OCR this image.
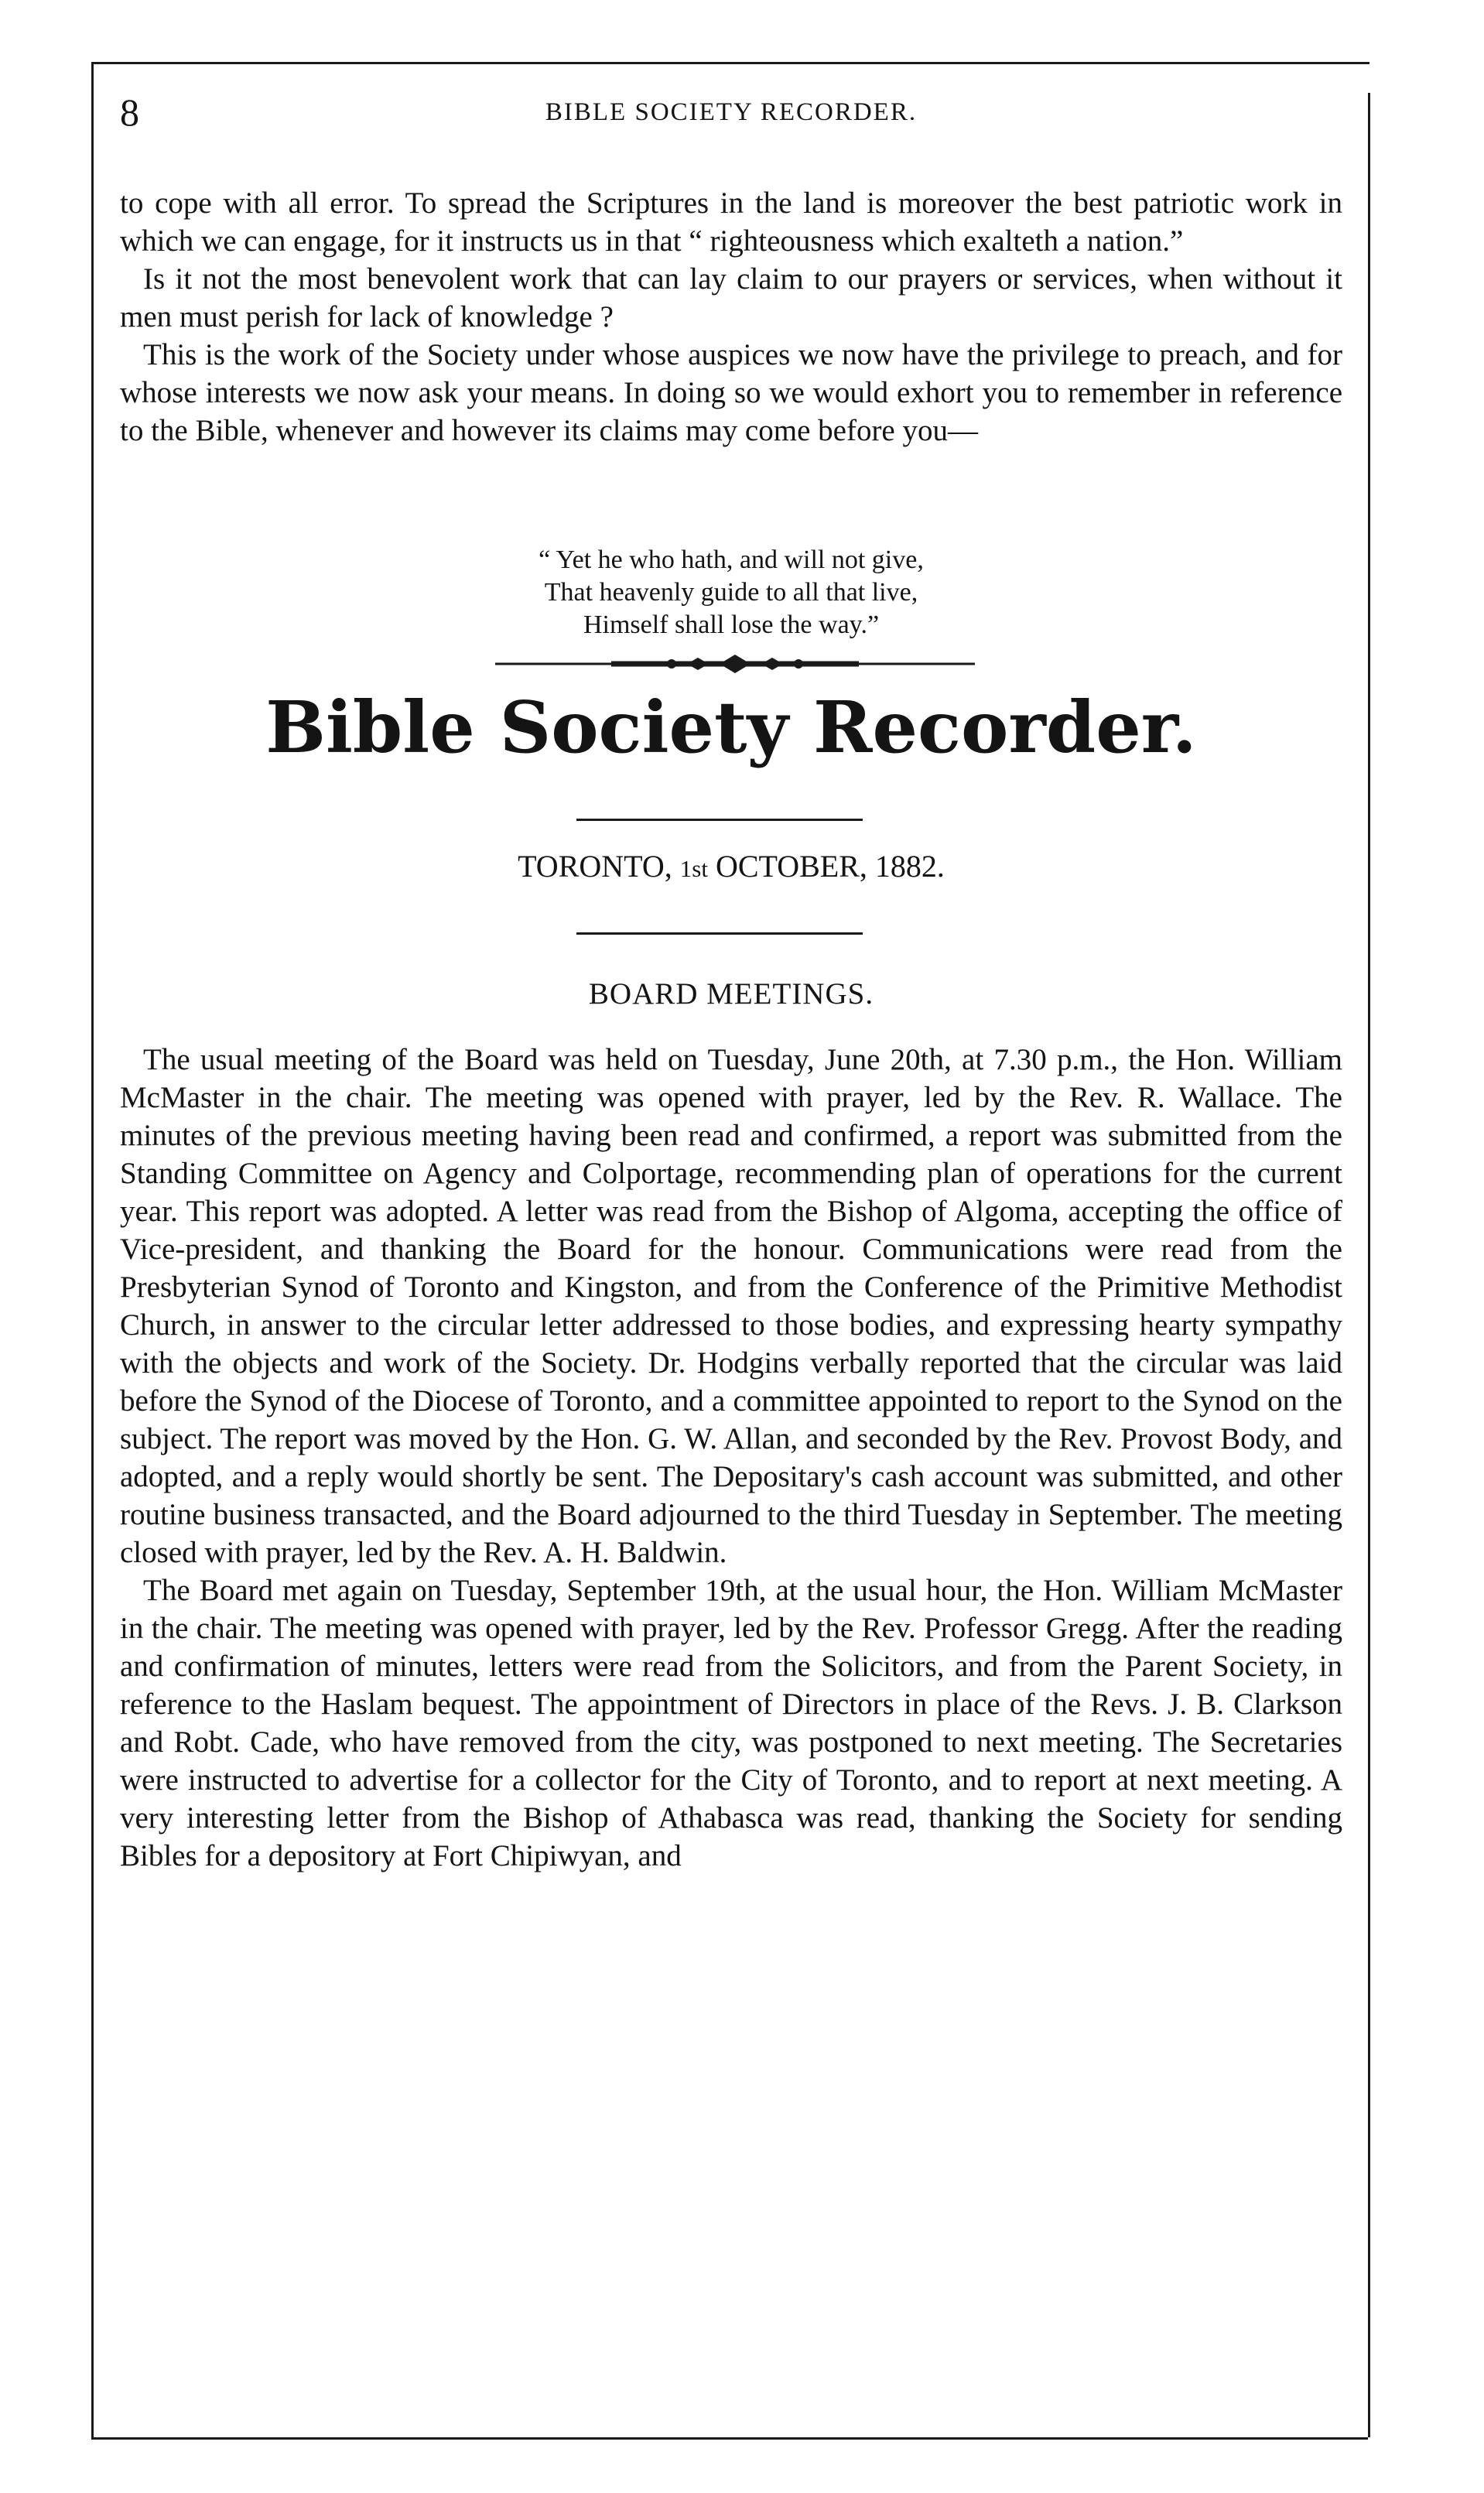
8	BIBLE SOCIETY RECORDER.

to cope with all error. To spread the Scriptures in the land is moreover the best patriotic work in which we can engage, for it instructs us in that “ righteousness which exalteth a nation.”

Is it not the most benevolent work that can lay claim to our prayers or services, when without it men must perish for lack of knowledge ?

This is the work of the Society under whose auspices we now have the privilege to preach, and for whose interests we now ask your means. In doing so we would exhort you to remember in reference to the Bible, whenever and however its claims may come before you—

“ Yet he who hath, and will not give,
That heavenly guide to all that live,
Himself shall lose the way.”
Bible Society Recorder.
TORONTO, 1st OCTOBER, 1882.
BOARD MEETINGS.

The usual meeting of the Board was held on Tuesday, June 20th, at 7.30 p.m., the Hon. William McMaster in the chair. The meeting was opened with prayer, led by the Rev. R. Wallace. The minutes of the previous meeting having been read and confirmed, a report was submitted from the Standing Committee on Agency and Colportage, recommending plan of operations for the current year. This report was adopted. A letter was read from the Bishop of Algoma, accepting the office of Vice-president, and thanking the Board for the honour. Communications were read from the Presbyterian Synod of Toronto and Kingston, and from the Conference of the Primitive Methodist Church, in answer to the circular letter addressed to those bodies, and expressing hearty sympathy with the objects and work of the Society. Dr. Hodgins verbally reported that the circular was laid before the Synod of the Diocese of Toronto, and a committee appointed to report to the Synod on the subject. The report was moved by the Hon. G. W. Allan, and seconded by the Rev. Provost Body, and adopted, and a reply would shortly be sent. The Depositary's cash account was submitted, and other routine business transacted, and the Board adjourned to the third Tuesday in September. The meeting closed with prayer, led by the Rev. A. H. Baldwin.

The Board met again on Tuesday, September 19th, at the usual hour, the Hon. William McMaster in the chair. The meeting was opened with prayer, led by the Rev. Professor Gregg. After the reading and confirmation of minutes, letters were read from the Solicitors, and from the Parent Society, in reference to the Haslam bequest. The appointment of Directors in place of the Revs. J. B. Clarkson and Robt. Cade, who have removed from the city, was postponed to next meeting. The Secretaries were instructed to advertise for a collector for the City of Toronto, and to report at next meeting. A very interesting letter from the Bishop of Athabasca was read, thanking the Society for sending Bibles for a depository at Fort Chipiwyan, and
